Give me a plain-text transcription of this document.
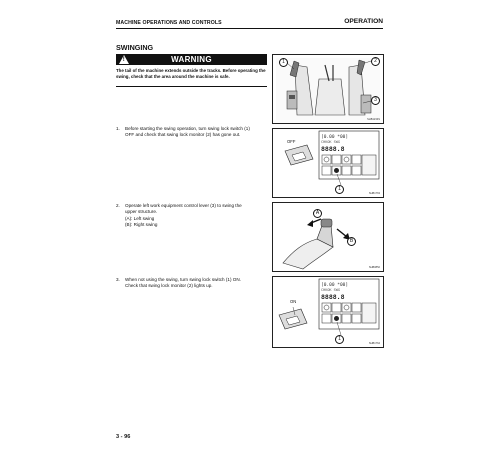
MACHINE OPERATIONS AND CONTROLS	OPERATION
SWINGING
!	WARNING
The tail of the machine extends outside the tracks. Before operating the swing, check that the area around the machine is safe.
1. Before starting the swing operation, turn swing lock switch (1)
OFF and check that swing lock monitor (2) has gone out.
2. Operate left work equipment control lever (3) to swing the
upper structure.
(A): Left swing
(B): Right swing
3. When not using the swing, turn swing lock switch (1) ON.
Check that swing lock monitor (2) lights up.
1	2
3
SHB1234S
[0.00 *00]
CHKOK SWG
8888.8
OFF
1
SHB1763
A
B
SHB0852
[0.00 *00]
CHKOK SWG
8888.8
ON
1
SHB1764
3 - 96
